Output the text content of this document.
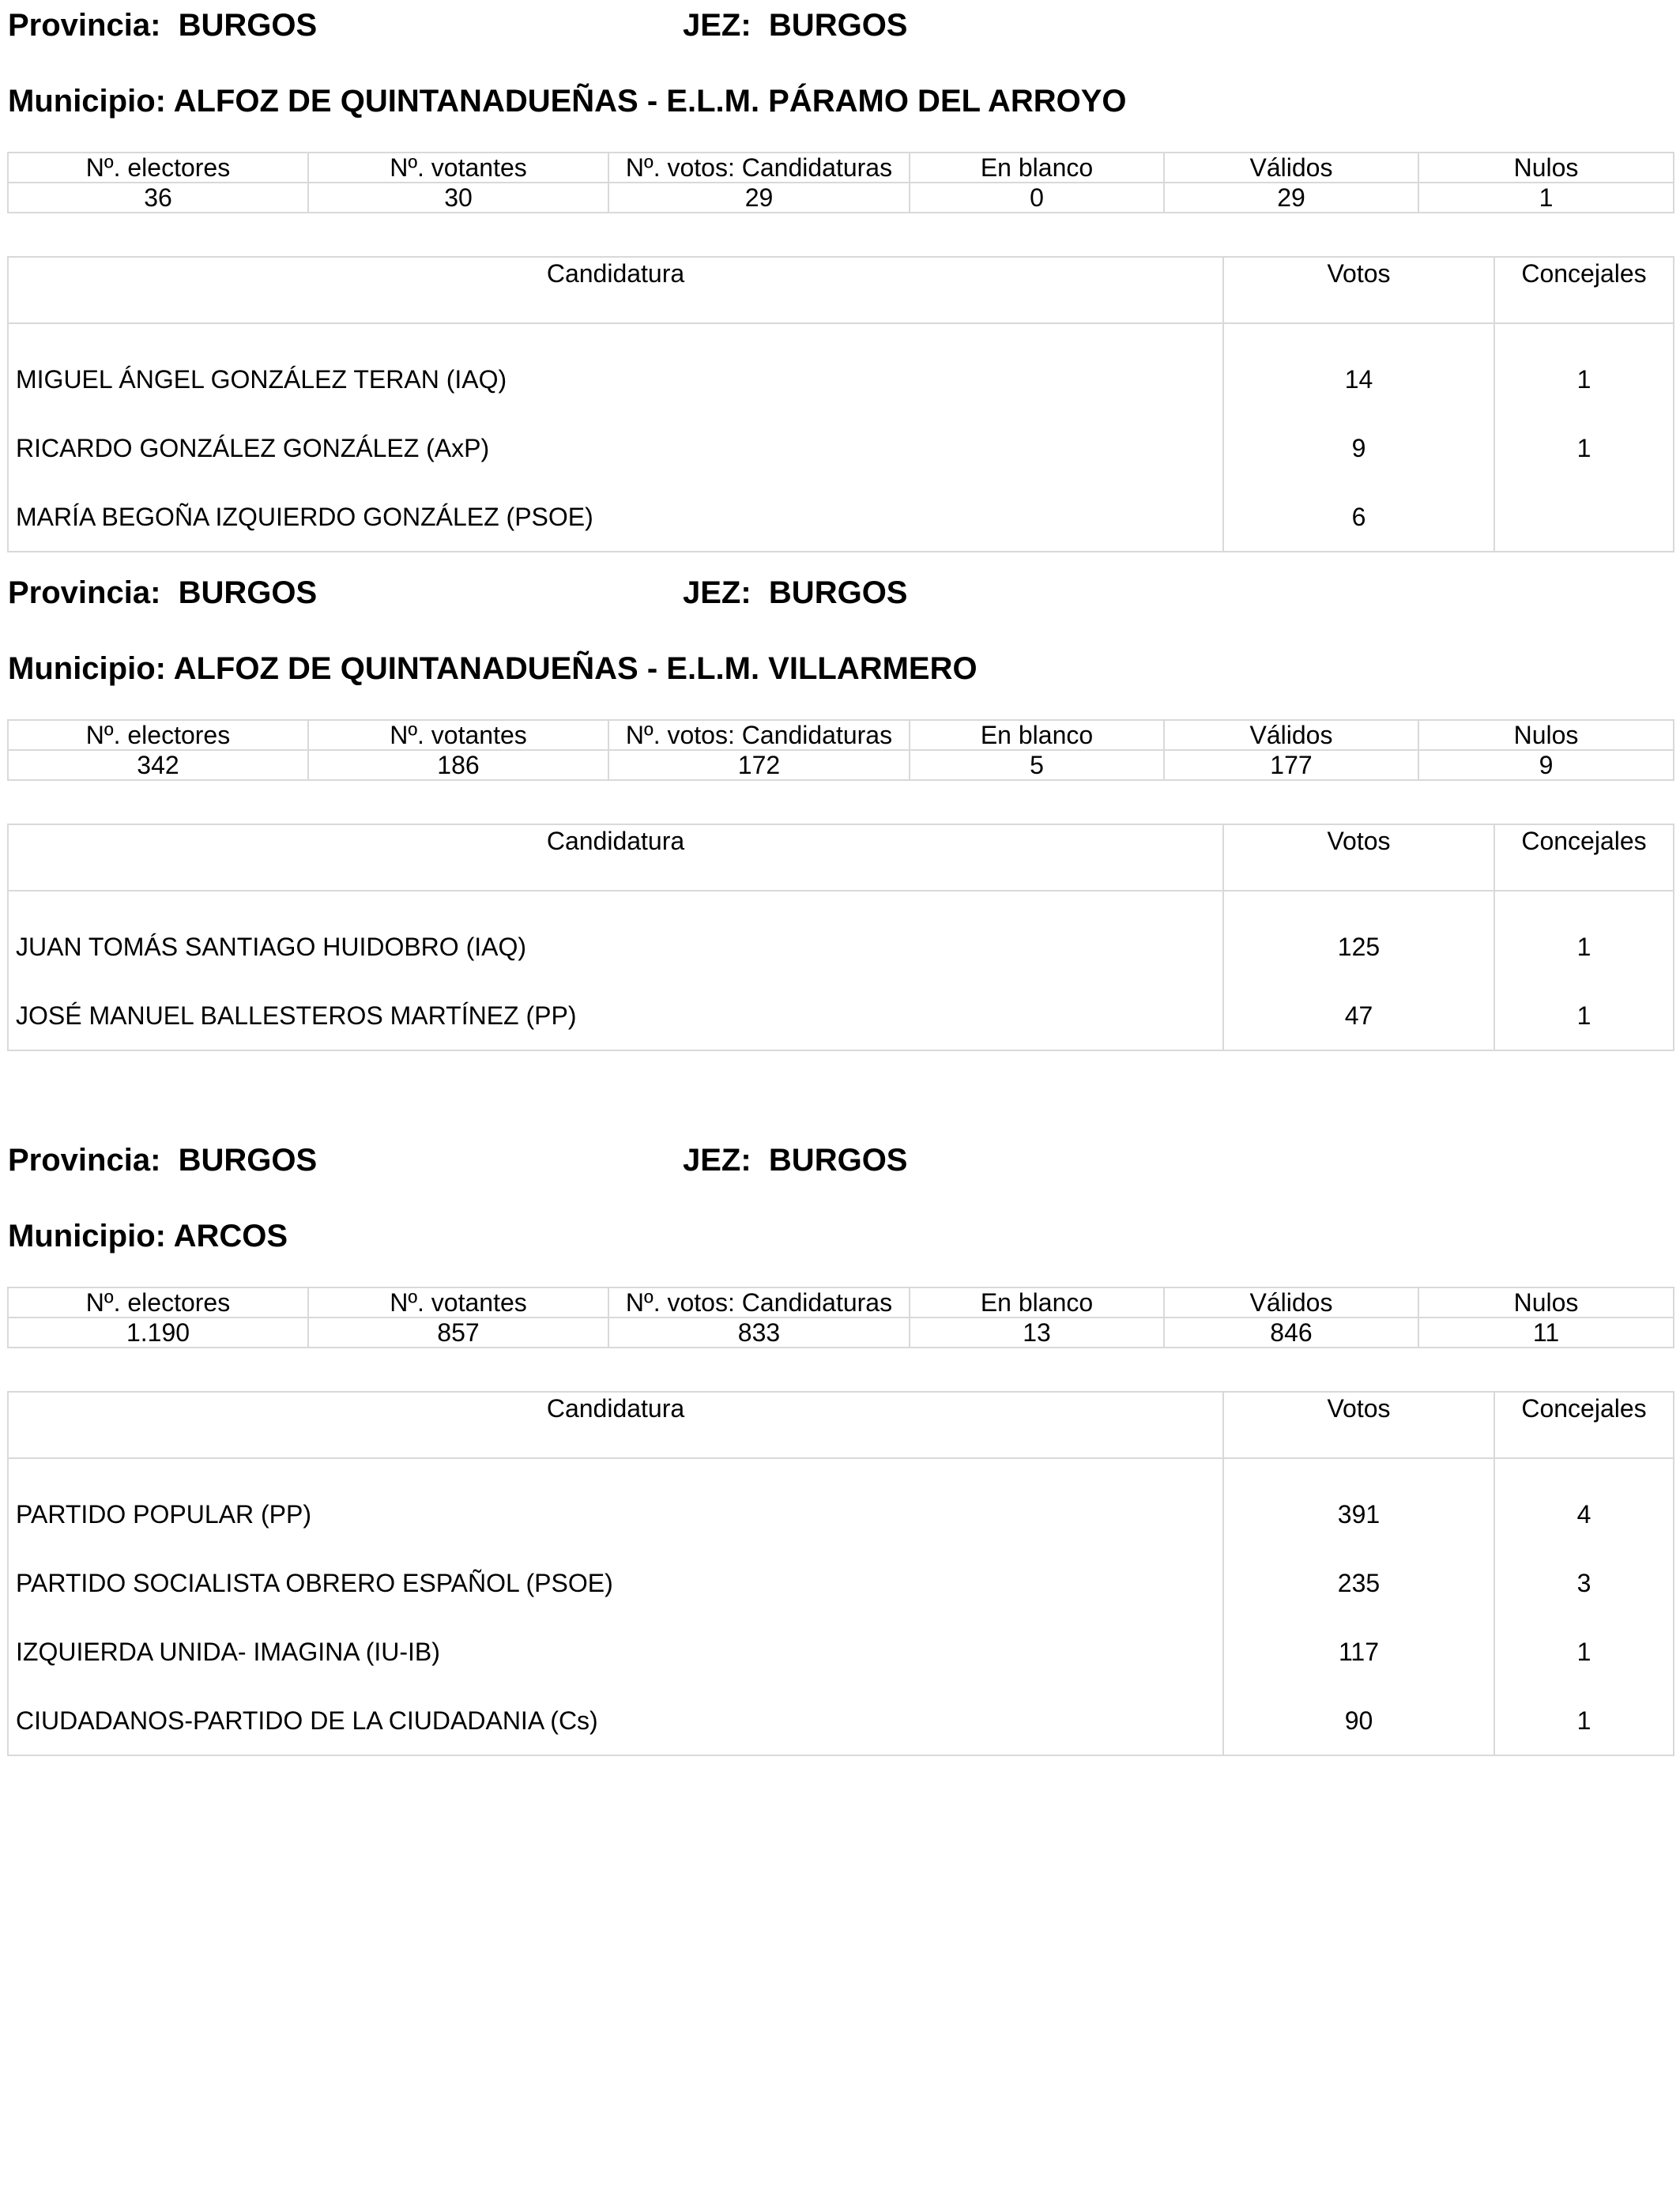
Provincia: BURGOS	JEZ: BURGOS
Municipio: ALFOZ DE QUINTANADUEÑAS - E.L.M. PÁRAMO DEL ARROYO
Nº. electores	Nº. votantes	Nº. votos: Candidaturas	En blanco	Válidos	Nulos
36	30	29	0	29	1
Candidatura	Votos	Concejales
MIGUEL ÁNGEL GONZÁLEZ TERAN (IAQ)	14	1
RICARDO GONZÁLEZ GONZÁLEZ (AxP)	9	1
MARÍA BEGOÑA IZQUIERDO GONZÁLEZ (PSOE)	6	
Provincia: BURGOS	JEZ: BURGOS
Municipio: ALFOZ DE QUINTANADUEÑAS - E.L.M. VILLARMERO
Nº. electores	Nº. votantes	Nº. votos: Candidaturas	En blanco	Válidos	Nulos
342	186	172	5	177	9
Candidatura	Votos	Concejales
JUAN TOMÁS SANTIAGO HUIDOBRO (IAQ)	125	1
JOSÉ MANUEL BALLESTEROS MARTÍNEZ (PP)	47	1
Provincia: BURGOS	JEZ: BURGOS
Municipio: ARCOS
Nº. electores	Nº. votantes	Nº. votos: Candidaturas	En blanco	Válidos	Nulos
1.190	857	833	13	846	11
Candidatura	Votos	Concejales
PARTIDO POPULAR (PP)	391	4
PARTIDO SOCIALISTA OBRERO ESPAÑOL (PSOE)	235	3
IZQUIERDA UNIDA- IMAGINA (IU-IB)	117	1
CIUDADANOS-PARTIDO DE LA CIUDADANIA (Cs)	90	1
